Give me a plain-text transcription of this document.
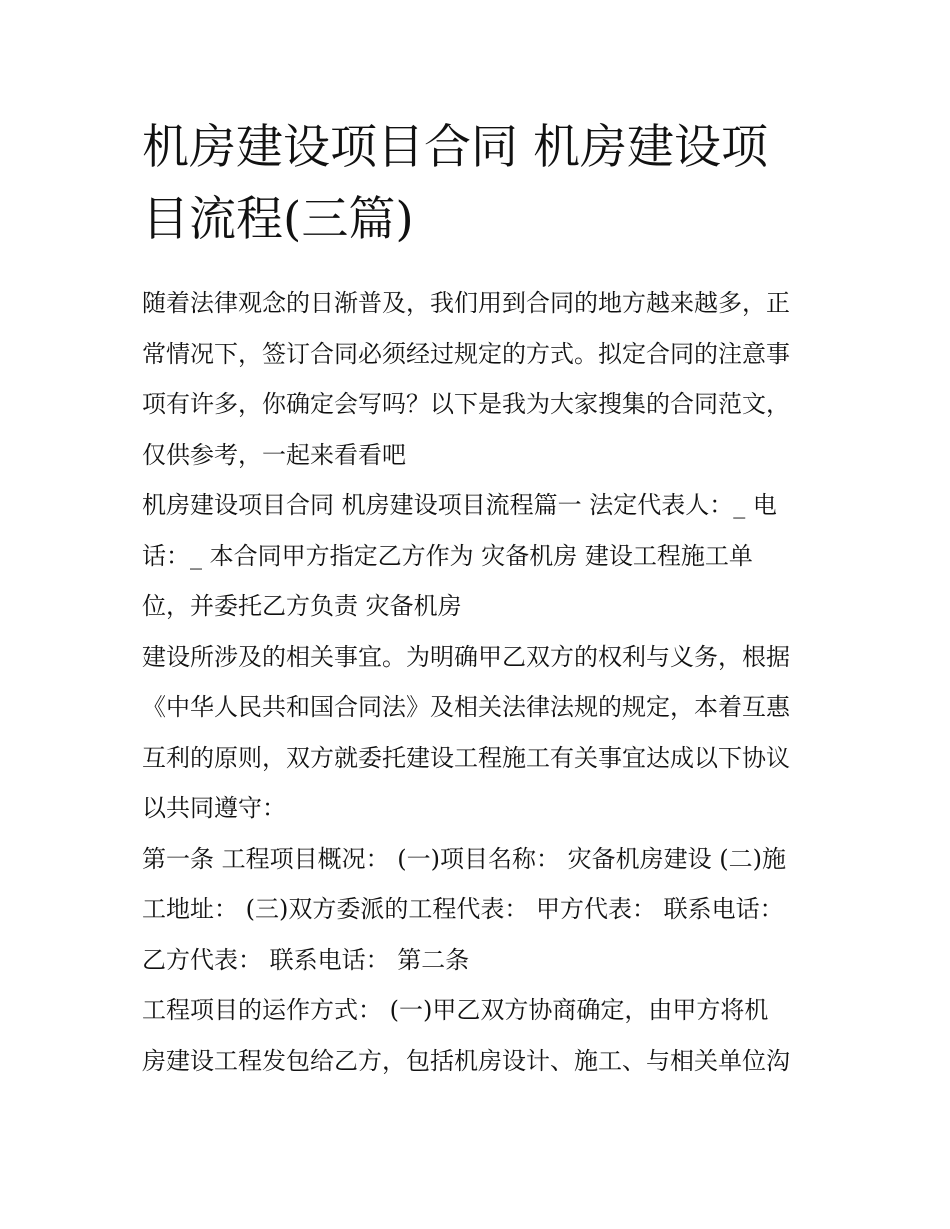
机房建设项目合同 机房建设项
目流程(三篇)
随着法律观念的日渐普及，我们用到合同的地方越来越多，正
常情况下，签订合同必须经过规定的方式。拟定合同的注意事
项有许多，你确定会写吗？以下是我为大家搜集的合同范文，
仅供参考，一起来看看吧
机房建设项目合同 机房建设项目流程篇一 法定代表人：_ 电
话：_ 本合同甲方指定乙方作为 灾备机房 建设工程施工单
位，并委托乙方负责 灾备机房
建设所涉及的相关事宜。为明确甲乙双方的权利与义务，根据
《中华人民共和国合同法》及相关法律法规的规定，本着互惠
互利的原则，双方就委托建设工程施工有关事宜达成以下协议
以共同遵守：
第一条 工程项目概况： (一)项目名称： 灾备机房建设 (二)施
工地址： (三)双方委派的工程代表： 甲方代表： 联系电话：
乙方代表： 联系电话： 第二条
工程项目的运作方式： (一)甲乙双方协商确定，由甲方将机
房建设工程发包给乙方，包括机房设计、施工、与相关单位沟
